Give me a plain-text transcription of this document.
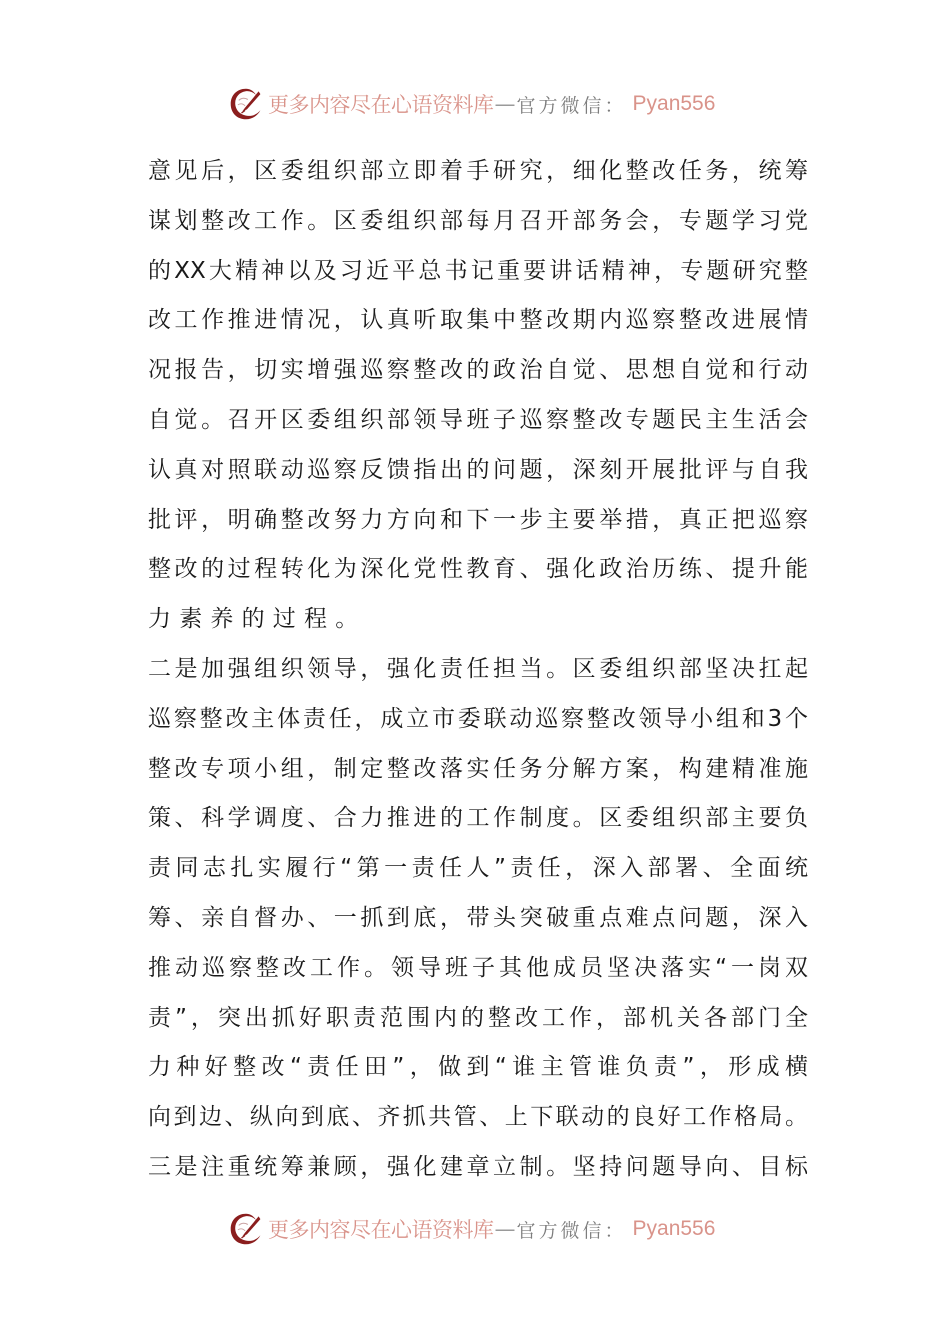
更多内容尽在心语资料库 — 官方微信： Pyan556
意见后，区委组织部立即着手研究，细化整改任务，统筹
谋划整改工作。区委组织部每月召开部务会，专题学习党
的XX大精神以及习近平总书记重要讲话精神，专题研究整
改工作推进情况，认真听取集中整改期内巡察整改进展情
况报告，切实增强巡察整改的政治自觉、思想自觉和行动
自觉。召开区委组织部领导班子巡察整改专题民主生活会
认真对照联动巡察反馈指出的问题，深刻开展批评与自我
批评，明确整改努力方向和下一步主要举措，真正把巡察
整改的过程转化为深化党性教育、强化政治历练、提升能
力素养的过程。
二是加强组织领导，强化责任担当。区委组织部坚决扛起
巡察整改主体责任，成立市委联动巡察整改领导小组和3个
整改专项小组，制定整改落实任务分解方案，构建精准施
策、科学调度、合力推进的工作制度。区委组织部主要负
责同志扎实履行“第一责任人”责任，深入部署、全面统
筹、亲自督办、一抓到底，带头突破重点难点问题，深入
推动巡察整改工作。领导班子其他成员坚决落实“一岗双
责”，突出抓好职责范围内的整改工作，部机关各部门全
力种好整改“责任田”，做到“谁主管谁负责”，形成横
向到边、纵向到底、齐抓共管、上下联动的良好工作格局。
三是注重统筹兼顾，强化建章立制。坚持问题导向、目标
更多内容尽在心语资料库 — 官方微信： Pyan556
